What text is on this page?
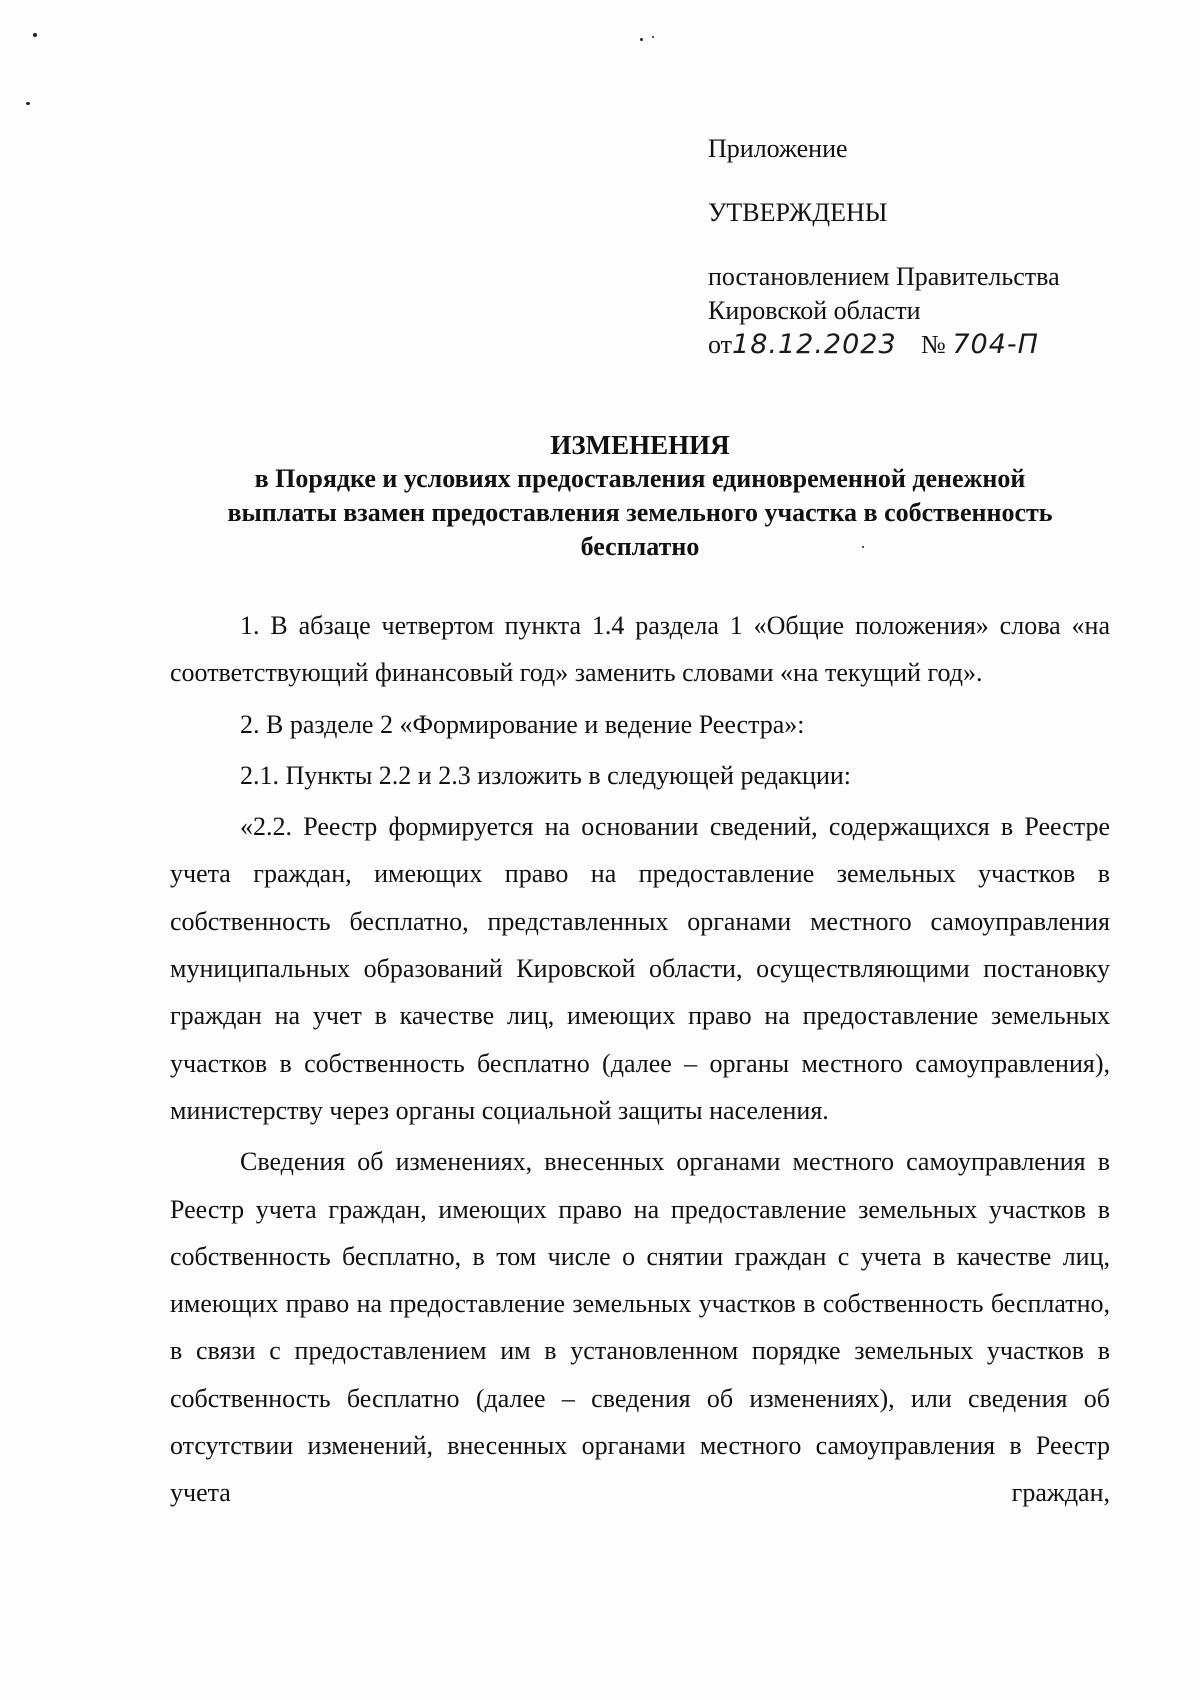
Приложение

УТВЕРЖДЕНЫ

постановлением Правительства

Кировской области

от18.12.2023 № 704-П

ИЗМЕНЕНИЯ
в Порядке и условиях предоставления единовременной денежной
выплаты взамен предоставления земельного участка в собственность
бесплатно

1. В абзаце четвертом пункта 1.4 раздела 1 «Общие положения» слова «на соответствующий финансовый год» заменить словами «на текущий год».

2. В разделе 2 «Формирование и ведение Реестра»:

2.1. Пункты 2.2 и 2.3 изложить в следующей редакции:

«2.2. Реестр формируется на основании сведений, содержащихся в Реестре учета граждан, имеющих право на предоставление земельных участков в собственность бесплатно, представленных органами местного самоуправления муниципальных образований Кировской области, осуществляющими постановку граждан на учет в качестве лиц, имеющих право на предоставление земельных участков в собственность бесплатно (далее – органы местного самоуправления), министерству через органы социальной защиты населения.

Сведения об изменениях, внесенных органами местного самоуправления в Реестр учета граждан, имеющих право на предоставление земельных участков в собственность бесплатно, в том числе о снятии граждан с учета в качестве лиц, имеющих право на предоставление земельных участков в собственность бесплатно, в связи с предоставлением им в установленном порядке земельных участков в собственность бесплатно (далее – сведения об изменениях), или сведения об отсутствии изменений, внесенных органами местного самоуправления в Реестр учета граждан,
